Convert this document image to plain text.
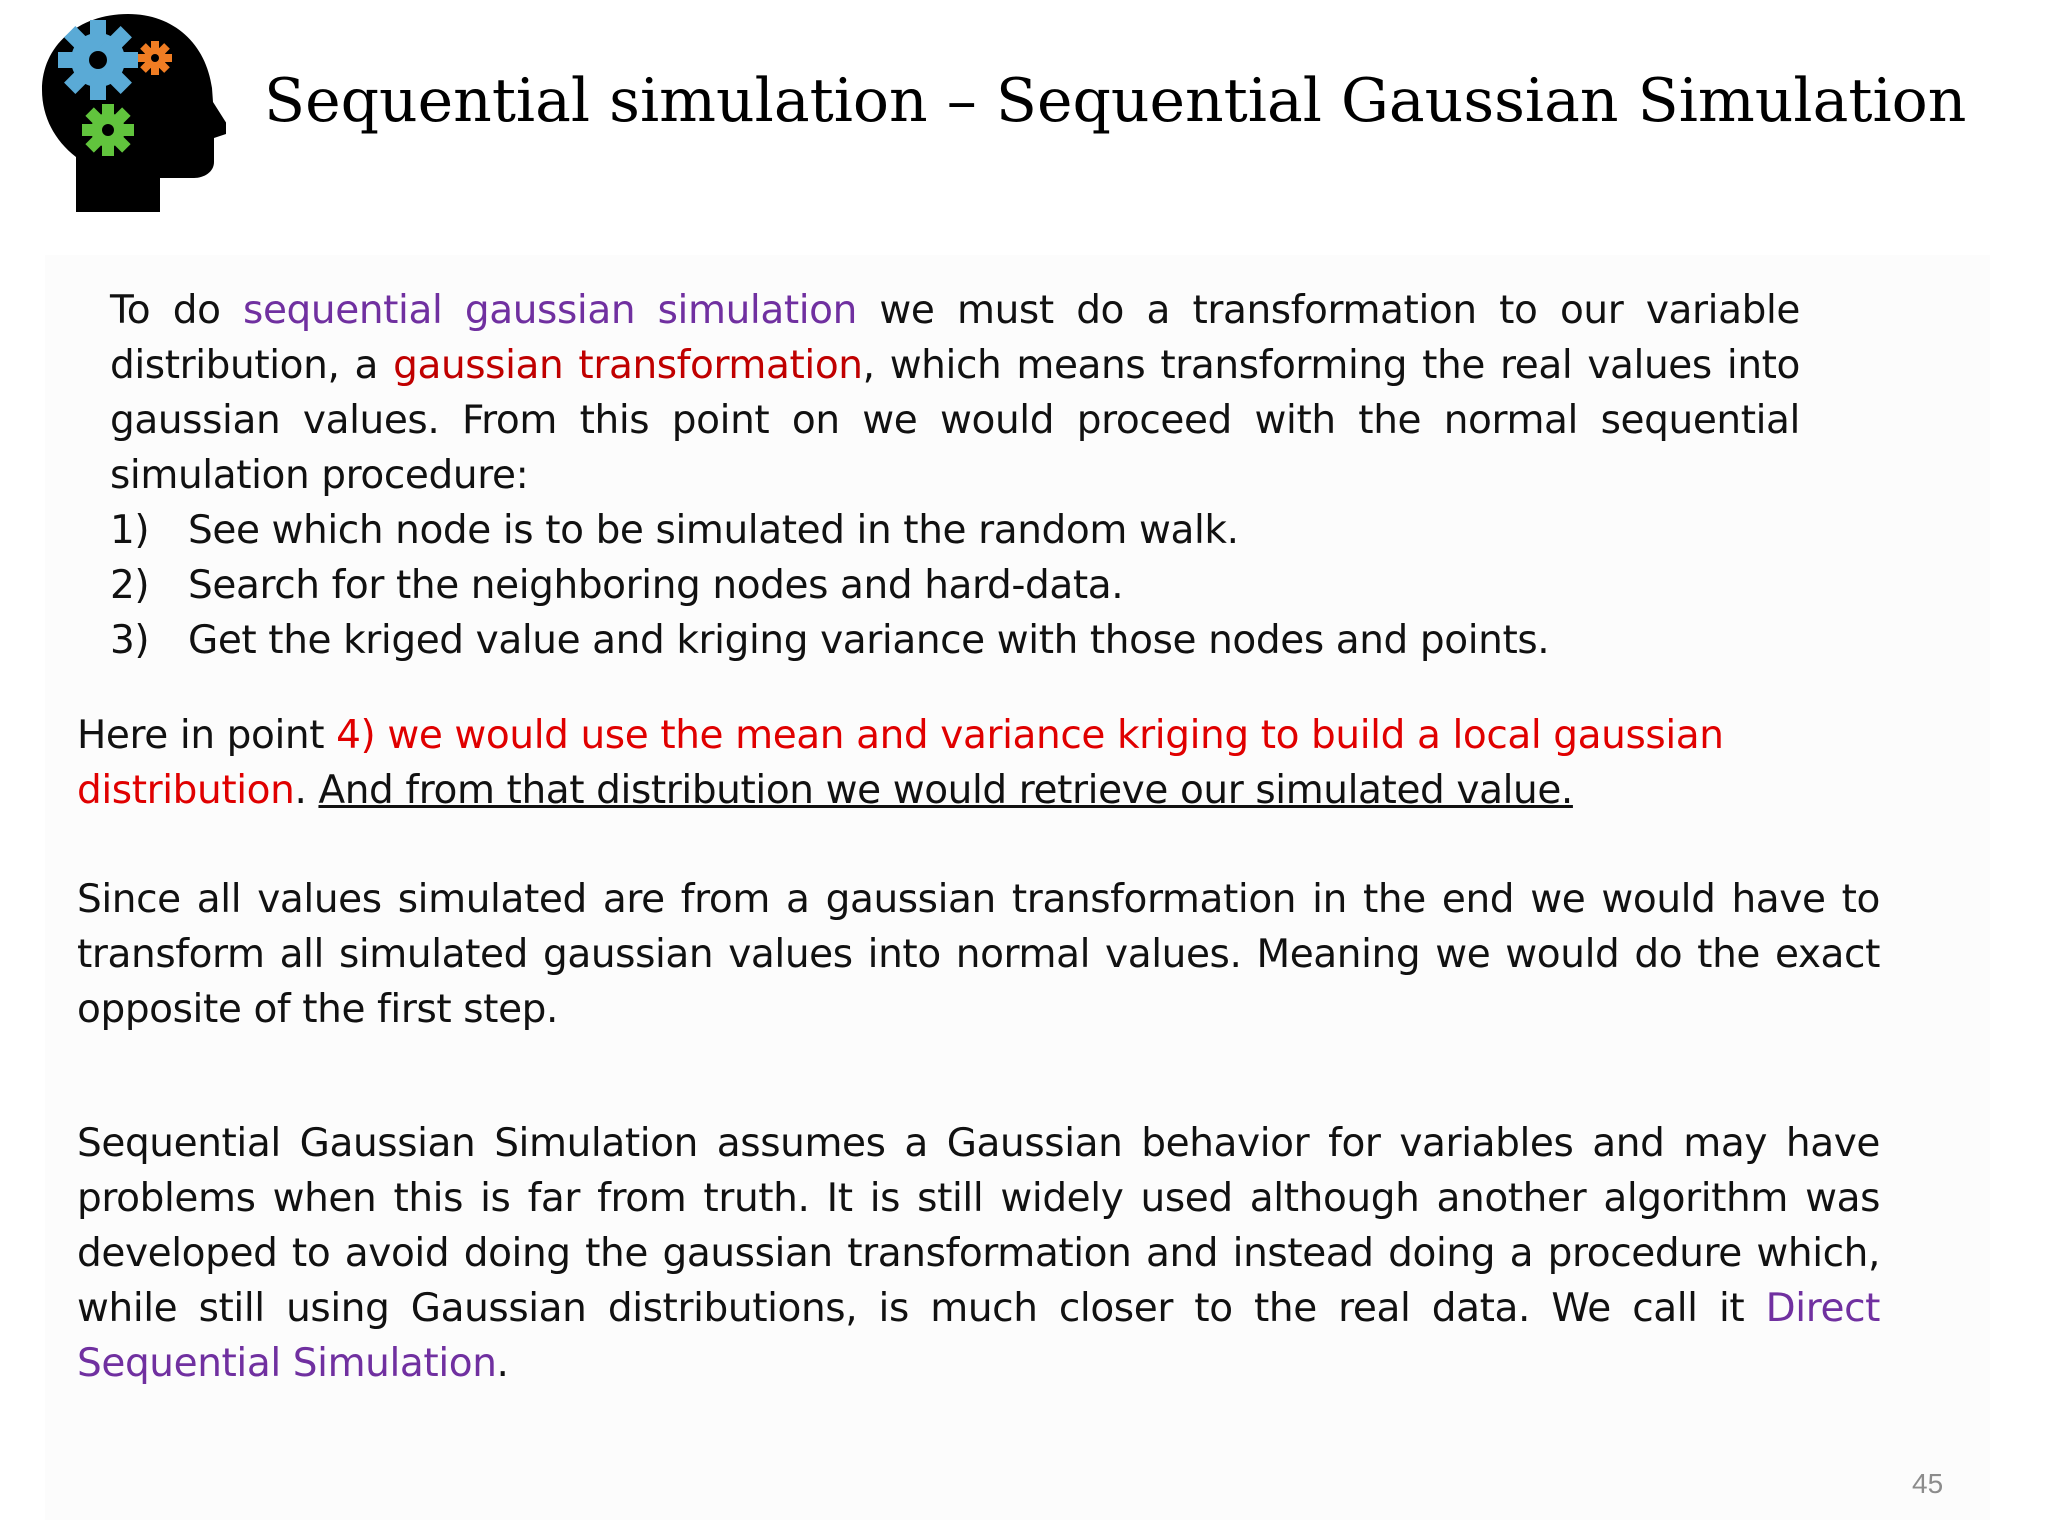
Sequential simulation – Sequential Gaussian Simulation

To do sequential gaussian simulation we must do a transformation to our variable distribution, a gaussian transformation, which means transforming the real values into gaussian values. From this point on we would proceed with the normal sequential simulation procedure:

1) See which node is to be simulated in the random walk.
2) Search for the neighboring nodes and hard-data.
3) Get the kriged value and kriging variance with those nodes and points.

Here in point 4) we would use the mean and variance kriging to build a local gaussian distribution. And from that distribution we would retrieve our simulated value.

Since all values simulated are from a gaussian transformation in the end we would have to transform all simulated gaussian values into normal values. Meaning we would do the exact opposite of the first step.

Sequential Gaussian Simulation assumes a Gaussian behavior for variables and may have problems when this is far from truth. It is still widely used although another algorithm was developed to avoid doing the gaussian transformation and instead doing a procedure which, while still using Gaussian distributions, is much closer to the real data. We call it Direct Sequential Simulation.

45
